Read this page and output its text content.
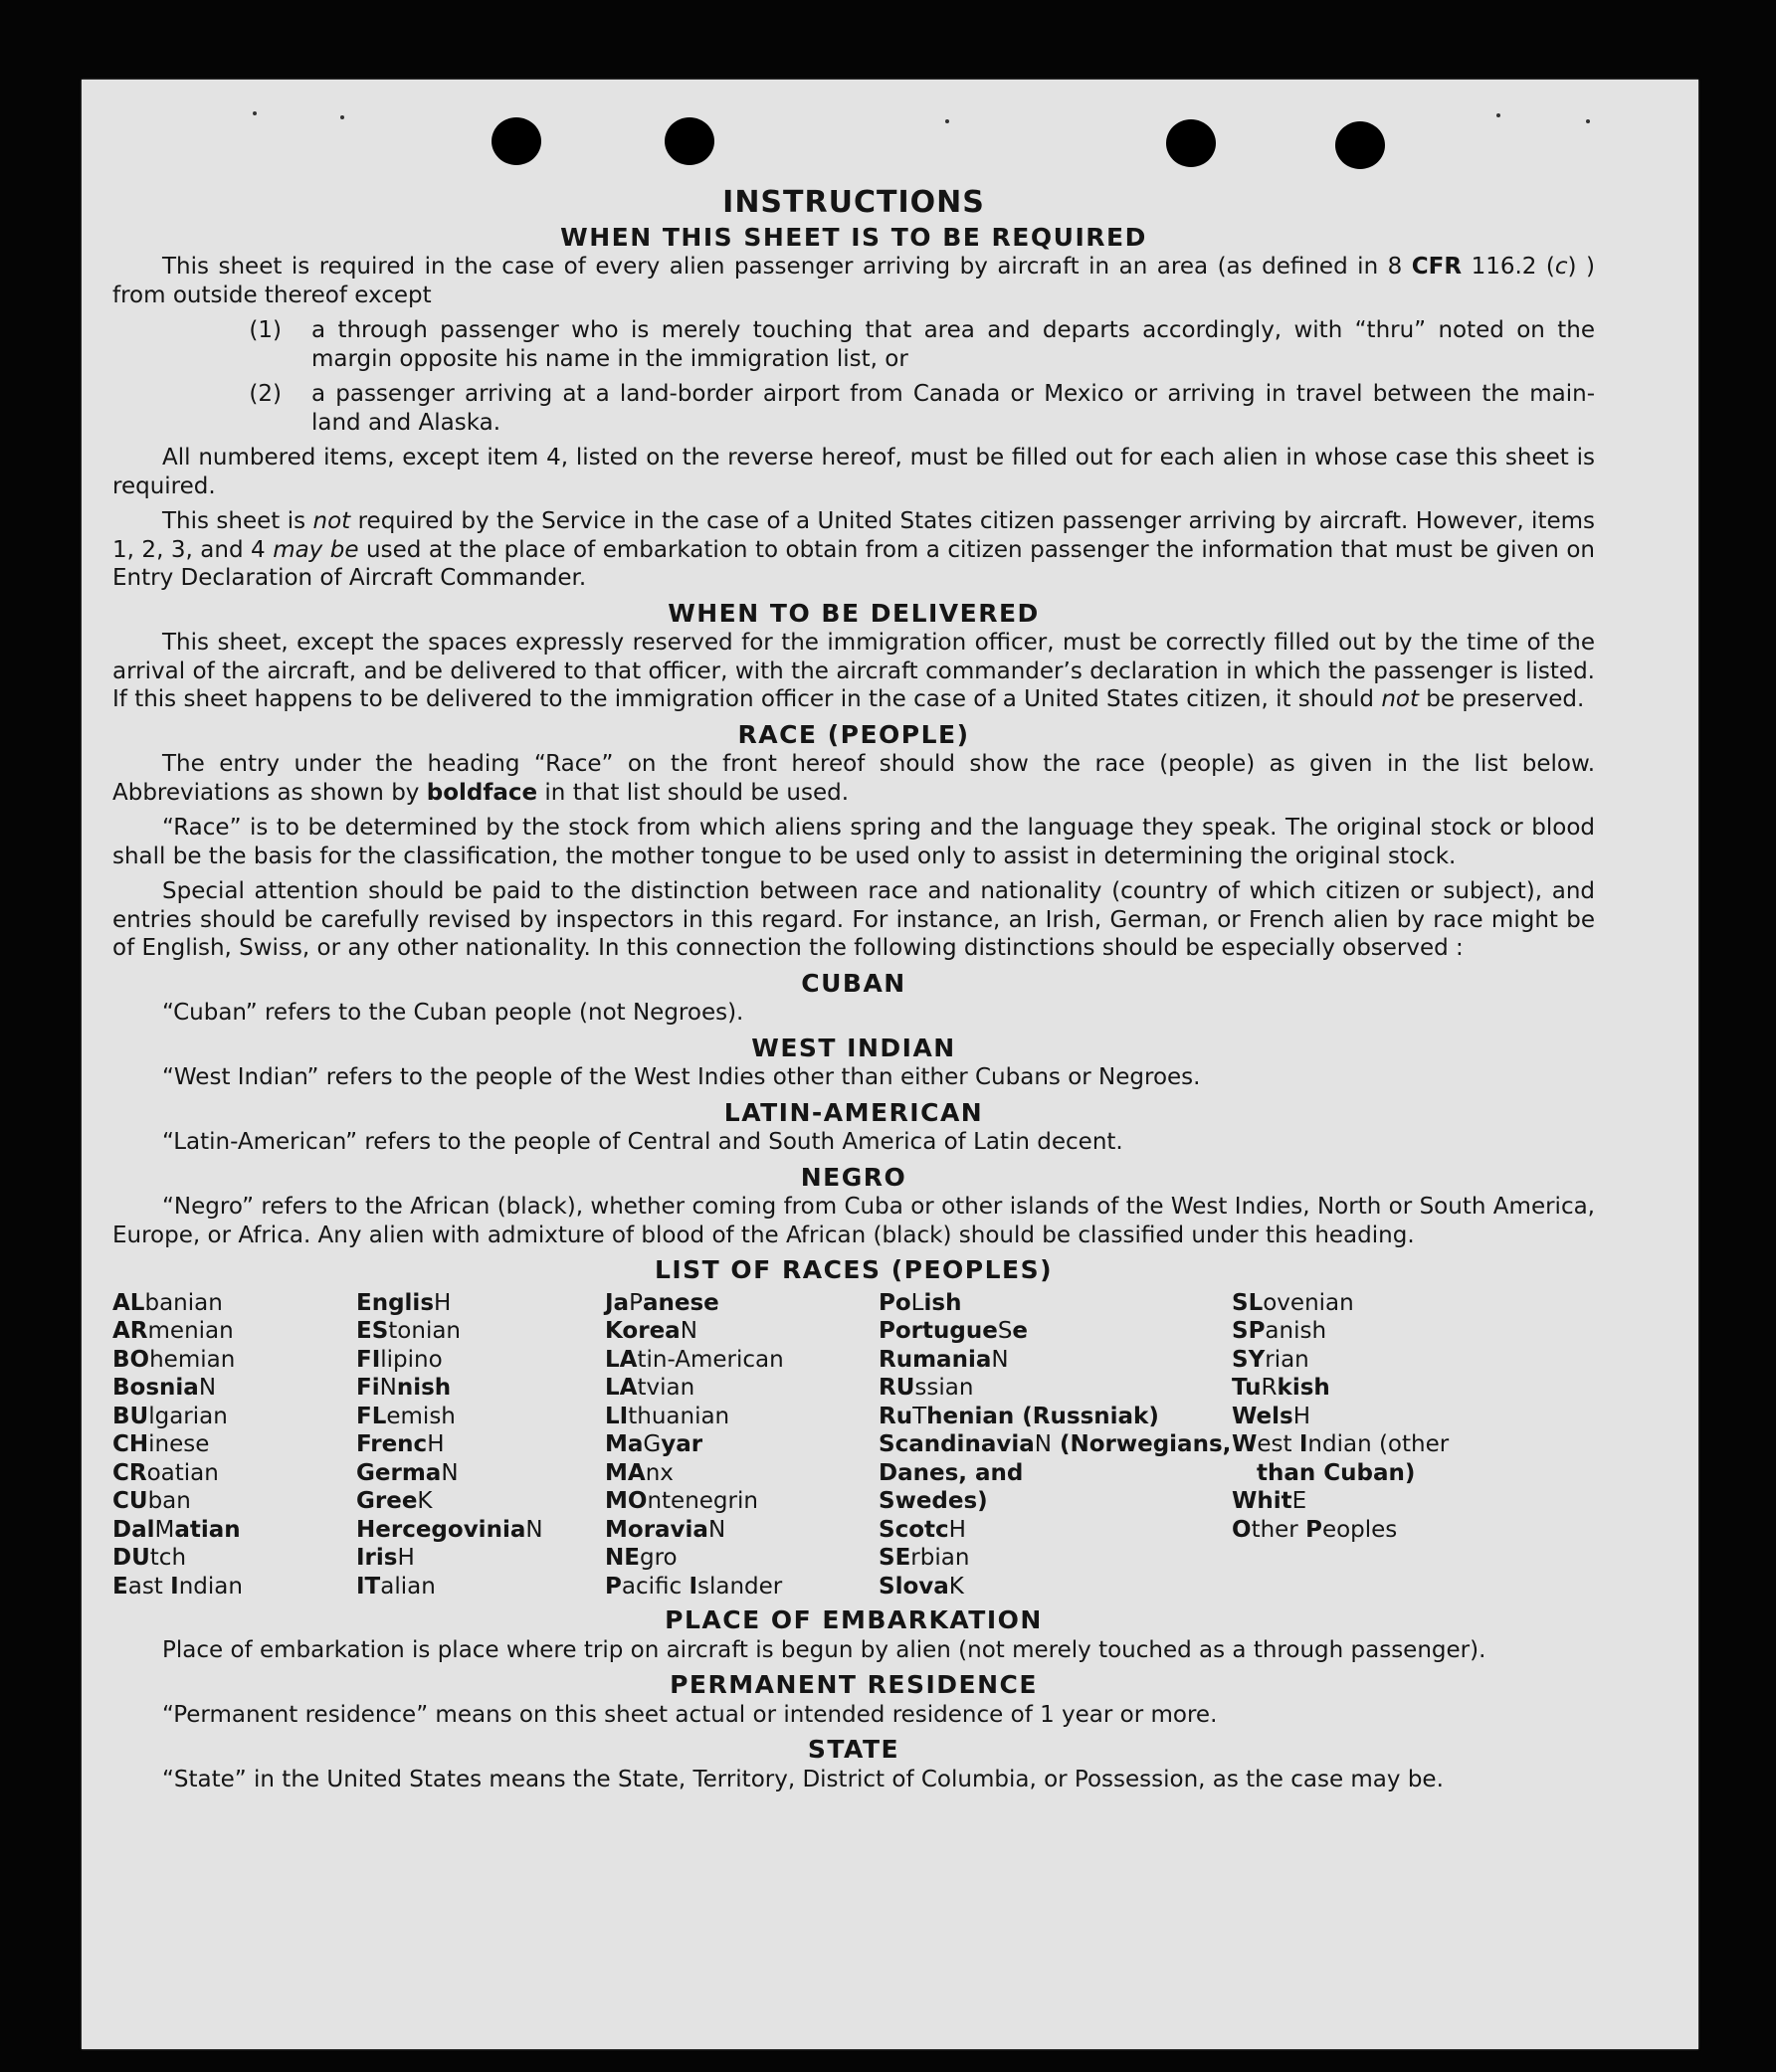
INSTRUCTIONS
WHEN THIS SHEET IS TO BE REQUIRED

This sheet is required in the case of every alien passenger arriving by aircraft in an area (as defined in 8 CFR 116.2 (c) ) from outside thereof except

(1)	a through passenger who is merely touching that area and departs accordingly, with “thru” noted on the margin opposite his name in the immigration list, or
(2)	a passenger arriving at a land-border airport from Canada or Mexico or arriving in travel between the main-land and Alaska.

All numbered items, except item 4, listed on the reverse hereof, must be filled out for each alien in whose case this sheet is required.

This sheet is not required by the Service in the case of a United States citizen passenger arriving by aircraft. However, items 1, 2, 3, and 4 may be used at the place of embarkation to obtain from a citizen passenger the information that must be given on Entry Declaration of Aircraft Commander.

WHEN TO BE DELIVERED

This sheet, except the spaces expressly reserved for the immigration officer, must be correctly filled out by the time of the arrival of the aircraft, and be delivered to that officer, with the aircraft commander’s declaration in which the passenger is listed. If this sheet happens to be delivered to the immigration officer in the case of a United States citizen, it should not be preserved.

RACE (PEOPLE)

The entry under the heading “Race” on the front hereof should show the race (people) as given in the list below. Abbreviations as shown by boldface in that list should be used.

“Race” is to be determined by the stock from which aliens spring and the language they speak. The original stock or blood shall be the basis for the classification, the mother tongue to be used only to assist in determining the original stock.

Special attention should be paid to the distinction between race and nationality (country of which citizen or subject), and entries should be carefully revised by inspectors in this regard. For instance, an Irish, German, or French alien by race might be of English, Swiss, or any other nationality. In this connection the following distinctions should be especially observed :

CUBAN

“Cuban” refers to the Cuban people (not Negroes).

WEST INDIAN

“West Indian” refers to the people of the West Indies other than either Cubans or Negroes.

LATIN-AMERICAN

“Latin-American” refers to the people of Central and South America of Latin decent.

NEGRO

“Negro” refers to the African (black), whether coming from Cuba or other islands of the West Indies, North or South America, Europe, or Africa. Any alien with admixture of blood of the African (black) should be classified under this heading.

LIST OF RACES (PEOPLES)
ALbanian
ARmenian
BOhemian
BosniaN
BUlgarian
CHinese
CRoatian
CUban
DalMatian
DUtch
East Indian
EnglisH
EStonian
FIlipino
FiNnish
FLemish
FrencH
GermaN
GreeK
HercegoviniaN
IrisH
ITalian
JaPanese
KoreaN
LAtin-American
LAtvian
LIthuanian
MaGyar
MAnx
MOntenegrin
MoraviaN
NEgro
Pacific Islander
PoLish
PortugueSe
RumaniaN
RUssian
RuThenian (Russniak)
ScandinaviaN (Norwegians,
Danes, and
Swedes)
ScotcH
SErbian
SlovaK
SLovenian
SPanish
SYrian
TuRkish
WelsH
West Indian (other
than Cuban)
WhitE
Other Peoples
PLACE OF EMBARKATION

Place of embarkation is place where trip on aircraft is begun by alien (not merely touched as a through passenger).

PERMANENT RESIDENCE

“Permanent residence” means on this sheet actual or intended residence of 1 year or more.

STATE

“State” in the United States means the State, Territory, District of Columbia, or Possession, as the case may be.
